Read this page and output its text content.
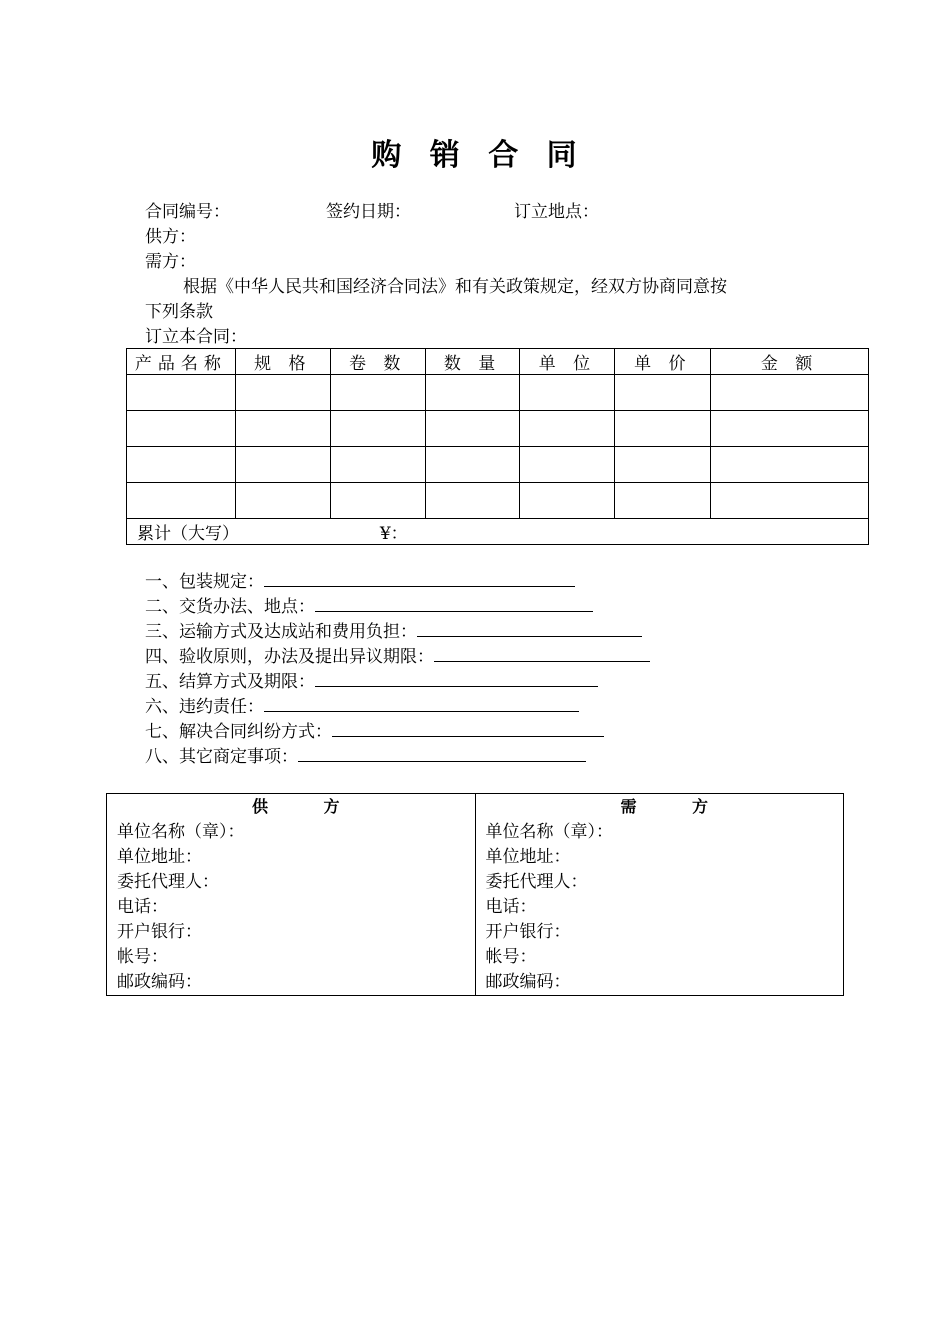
购 销 合 同
合同编号：	签约日期：	订立地点：
供方：
需方：
根据《中华人民共和国经济合同法》和有关政策规定，经双方协商同意按
下列条款
订立本合同：
产品名称	规 格	卷 数	数 量	单 位	单 价	金 额

累计（大写） ¥：						
一、包装规定：
二、交货办法、地点：
三、运输方式及达成站和费用负担：
四、验收原则，办法及提出异议期限：
五、结算方式及期限：
六、违约责任：
七、解决合同纠纷方式：
八、其它商定事项：
供 方
单位名称（章）：
单位地址：
委托代理人：
电话：
开户银行：
帐号：
邮政编码：

需 方
单位名称（章）：
单位地址：
委托代理人：
电话：
开户银行：
帐号：
邮政编码：
